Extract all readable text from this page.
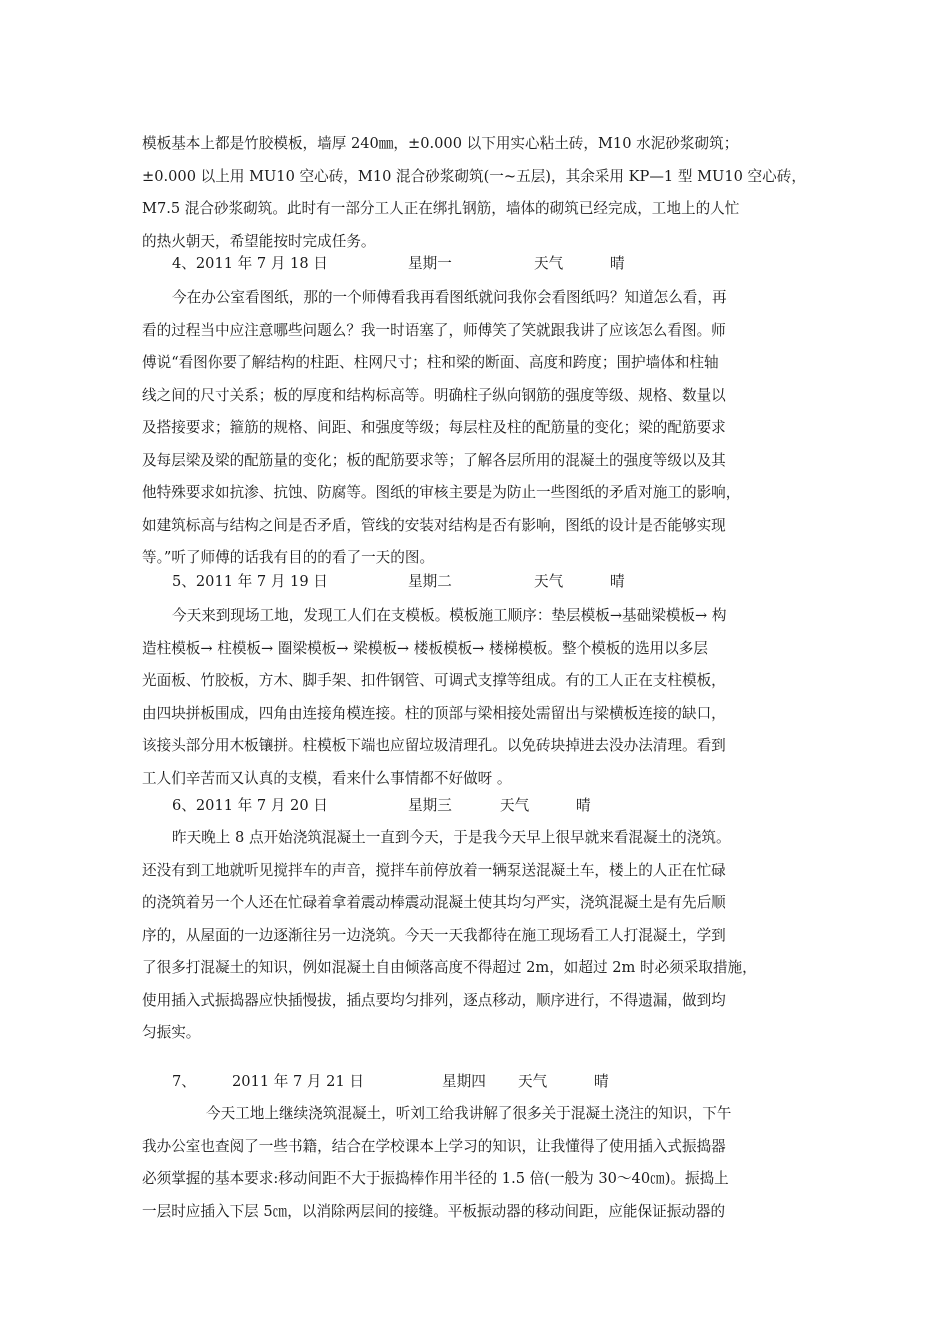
模板基本上都是竹胶模板，墙厚 240㎜，±0.000 以下用实心粘土砖，M10 水泥砂浆砌筑；
±0.000 以上用 MU10 空心砖，M10 混合砂浆砌筑(一~五层)，其余采用 KP—1 型 MU10 空心砖，
M7.5 混合砂浆砌筑。此时有一部分工人正在绑扎钢筋，墙体的砌筑已经完成，工地上的人忙
的热火朝天，希望能按时完成任务。
4、2011 年 7 月 18 日	星期一	天气	晴
今在办公室看图纸，那的一个师傅看我再看图纸就问我你会看图纸吗？知道怎么看，再
看的过程当中应注意哪些问题么？我一时语塞了，师傅笑了笑就跟我讲了应该怎么看图。师
傅说“看图你要了解结构的柱距、柱网尺寸；柱和梁的断面、高度和跨度；围护墙体和柱轴
线之间的尺寸关系；板的厚度和结构标高等。明确柱子纵向钢筋的强度等级、规格、数量以
及搭接要求；箍筋的规格、间距、和强度等级；每层柱及柱的配筋量的变化；梁的配筋要求
及每层梁及梁的配筋量的变化；板的配筋要求等；了解各层所用的混凝土的强度等级以及其
他特殊要求如抗渗、抗蚀、防腐等。图纸的审核主要是为防止一些图纸的矛盾对施工的影响，
如建筑标高与结构之间是否矛盾，管线的安装对结构是否有影响，图纸的设计是否能够实现
等。”听了师傅的话我有目的的看了一天的图。
5、2011 年 7 月 19 日	星期二	天气	晴
今天来到现场工地，发现工人们在支模板。模板施工顺序：垫层模板→基础梁模板→ 构
造柱模板→ 柱模板→ 圈梁模板→ 梁模板→ 楼板模板→ 楼梯模板。整个模板的选用以多层
光面板、竹胶板，方木、脚手架、扣件钢管、可调式支撑等组成。有的工人正在支柱模板，
由四块拼板围成，四角由连接角模连接。柱的顶部与梁相接处需留出与梁横板连接的缺口，
该接头部分用木板镶拼。柱模板下端也应留垃圾清理孔。以免砖块掉进去没办法清理。看到
工人们辛苦而又认真的支模，看来什么事情都不好做呀 。
6、2011 年 7 月 20 日	星期三	天气	晴
昨天晚上 8 点开始浇筑混凝土一直到今天，于是我今天早上很早就来看混凝土的浇筑。
还没有到工地就听见搅拌车的声音，搅拌车前停放着一辆泵送混凝土车，楼上的人正在忙碌
的浇筑着另一个人还在忙碌着拿着震动棒震动混凝土使其均匀严实，浇筑混凝土是有先后顺
序的，从屋面的一边逐渐往另一边浇筑。今天一天我都待在施工现场看工人打混凝土，学到
了很多打混凝土的知识，例如混凝土自由倾落高度不得超过 2m，如超过 2m 时必须采取措施，
使用插入式振捣器应快插慢拔，插点要均匀排列，逐点移动，顺序进行，不得遗漏，做到均
匀振实。
7、 2011 年 7 月 21 日	星期四 天气	晴
今天工地上继续浇筑混凝土，听刘工给我讲解了很多关于混凝土浇注的知识，下午
我办公室也查阅了一些书籍，结合在学校课本上学习的知识，让我懂得了使用插入式振捣器
必须掌握的基本要求:移动间距不大于振捣棒作用半径的 1.5 倍(一般为 30～40㎝)。振捣上
一层时应插入下层 5㎝，以消除两层间的接缝。平板振动器的移动间距，应能保证振动器的
